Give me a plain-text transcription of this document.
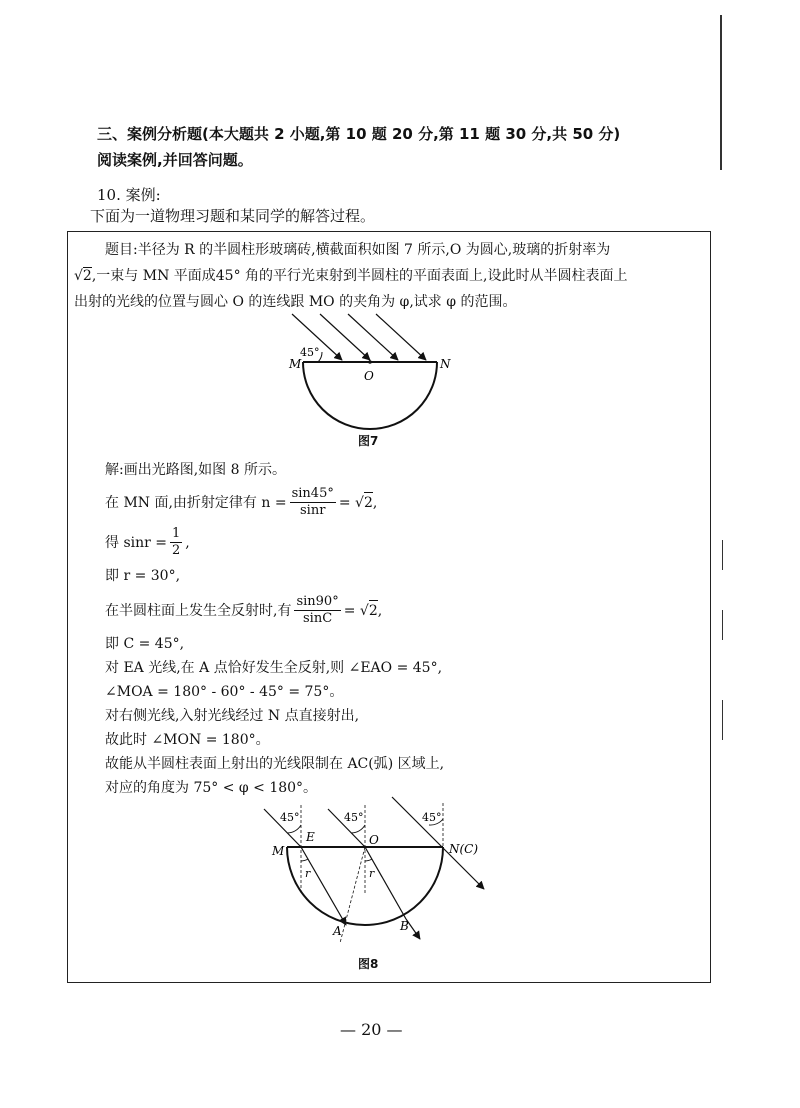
三、案例分析题(本大题共 2 小题,第 10 题 20 分,第 11 题 30 分,共 50 分)
阅读案例,并回答问题。
10. 案例:
下面为一道物理习题和某同学的解答过程。
题目:半径为 R 的半圆柱形玻璃砖,横截面积如图 7 所示,O 为圆心,玻璃的折射率为
√2,一束与 MN 平面成45° 角的平行光束射到半圆柱的平面表面上,设此时从半圆柱表面上
出射的光线的位置与圆心 O 的连线跟 MO 的夹角为 φ,试求 φ 的范围。
45°
M	N
O
图7
解:画出光路图,如图 8 所示。
在 MN 面,由折射定律有 $n = \frac{\sin 45^\circ}{\sin r}$ =
√ 2 ,
得 $\sin r = \frac{1}{2}$ ,
即 r = 30°,
在半圆柱面上发生全反射时,有 $\frac{\sin 90^\circ}{\sin C}$ =
√ 2 ,
即 C = 45°,
对 EA 光线,在 A 点恰好发生全反射,则 ∠EAO = 45°,
∠MOA = 180° - 60° - 45° = 75°。
对右侧光线,入射光线经过 N 点直接射出,
故此时 ∠MON = 180°。
故能从半圆柱表面上射出的光线限制在 AC(弧) 区域上,
对应的角度为 75° < φ < 180°。
45°	45°	45°
M
E	O
N(C)
r	r
A	B
图8
— 20 —
